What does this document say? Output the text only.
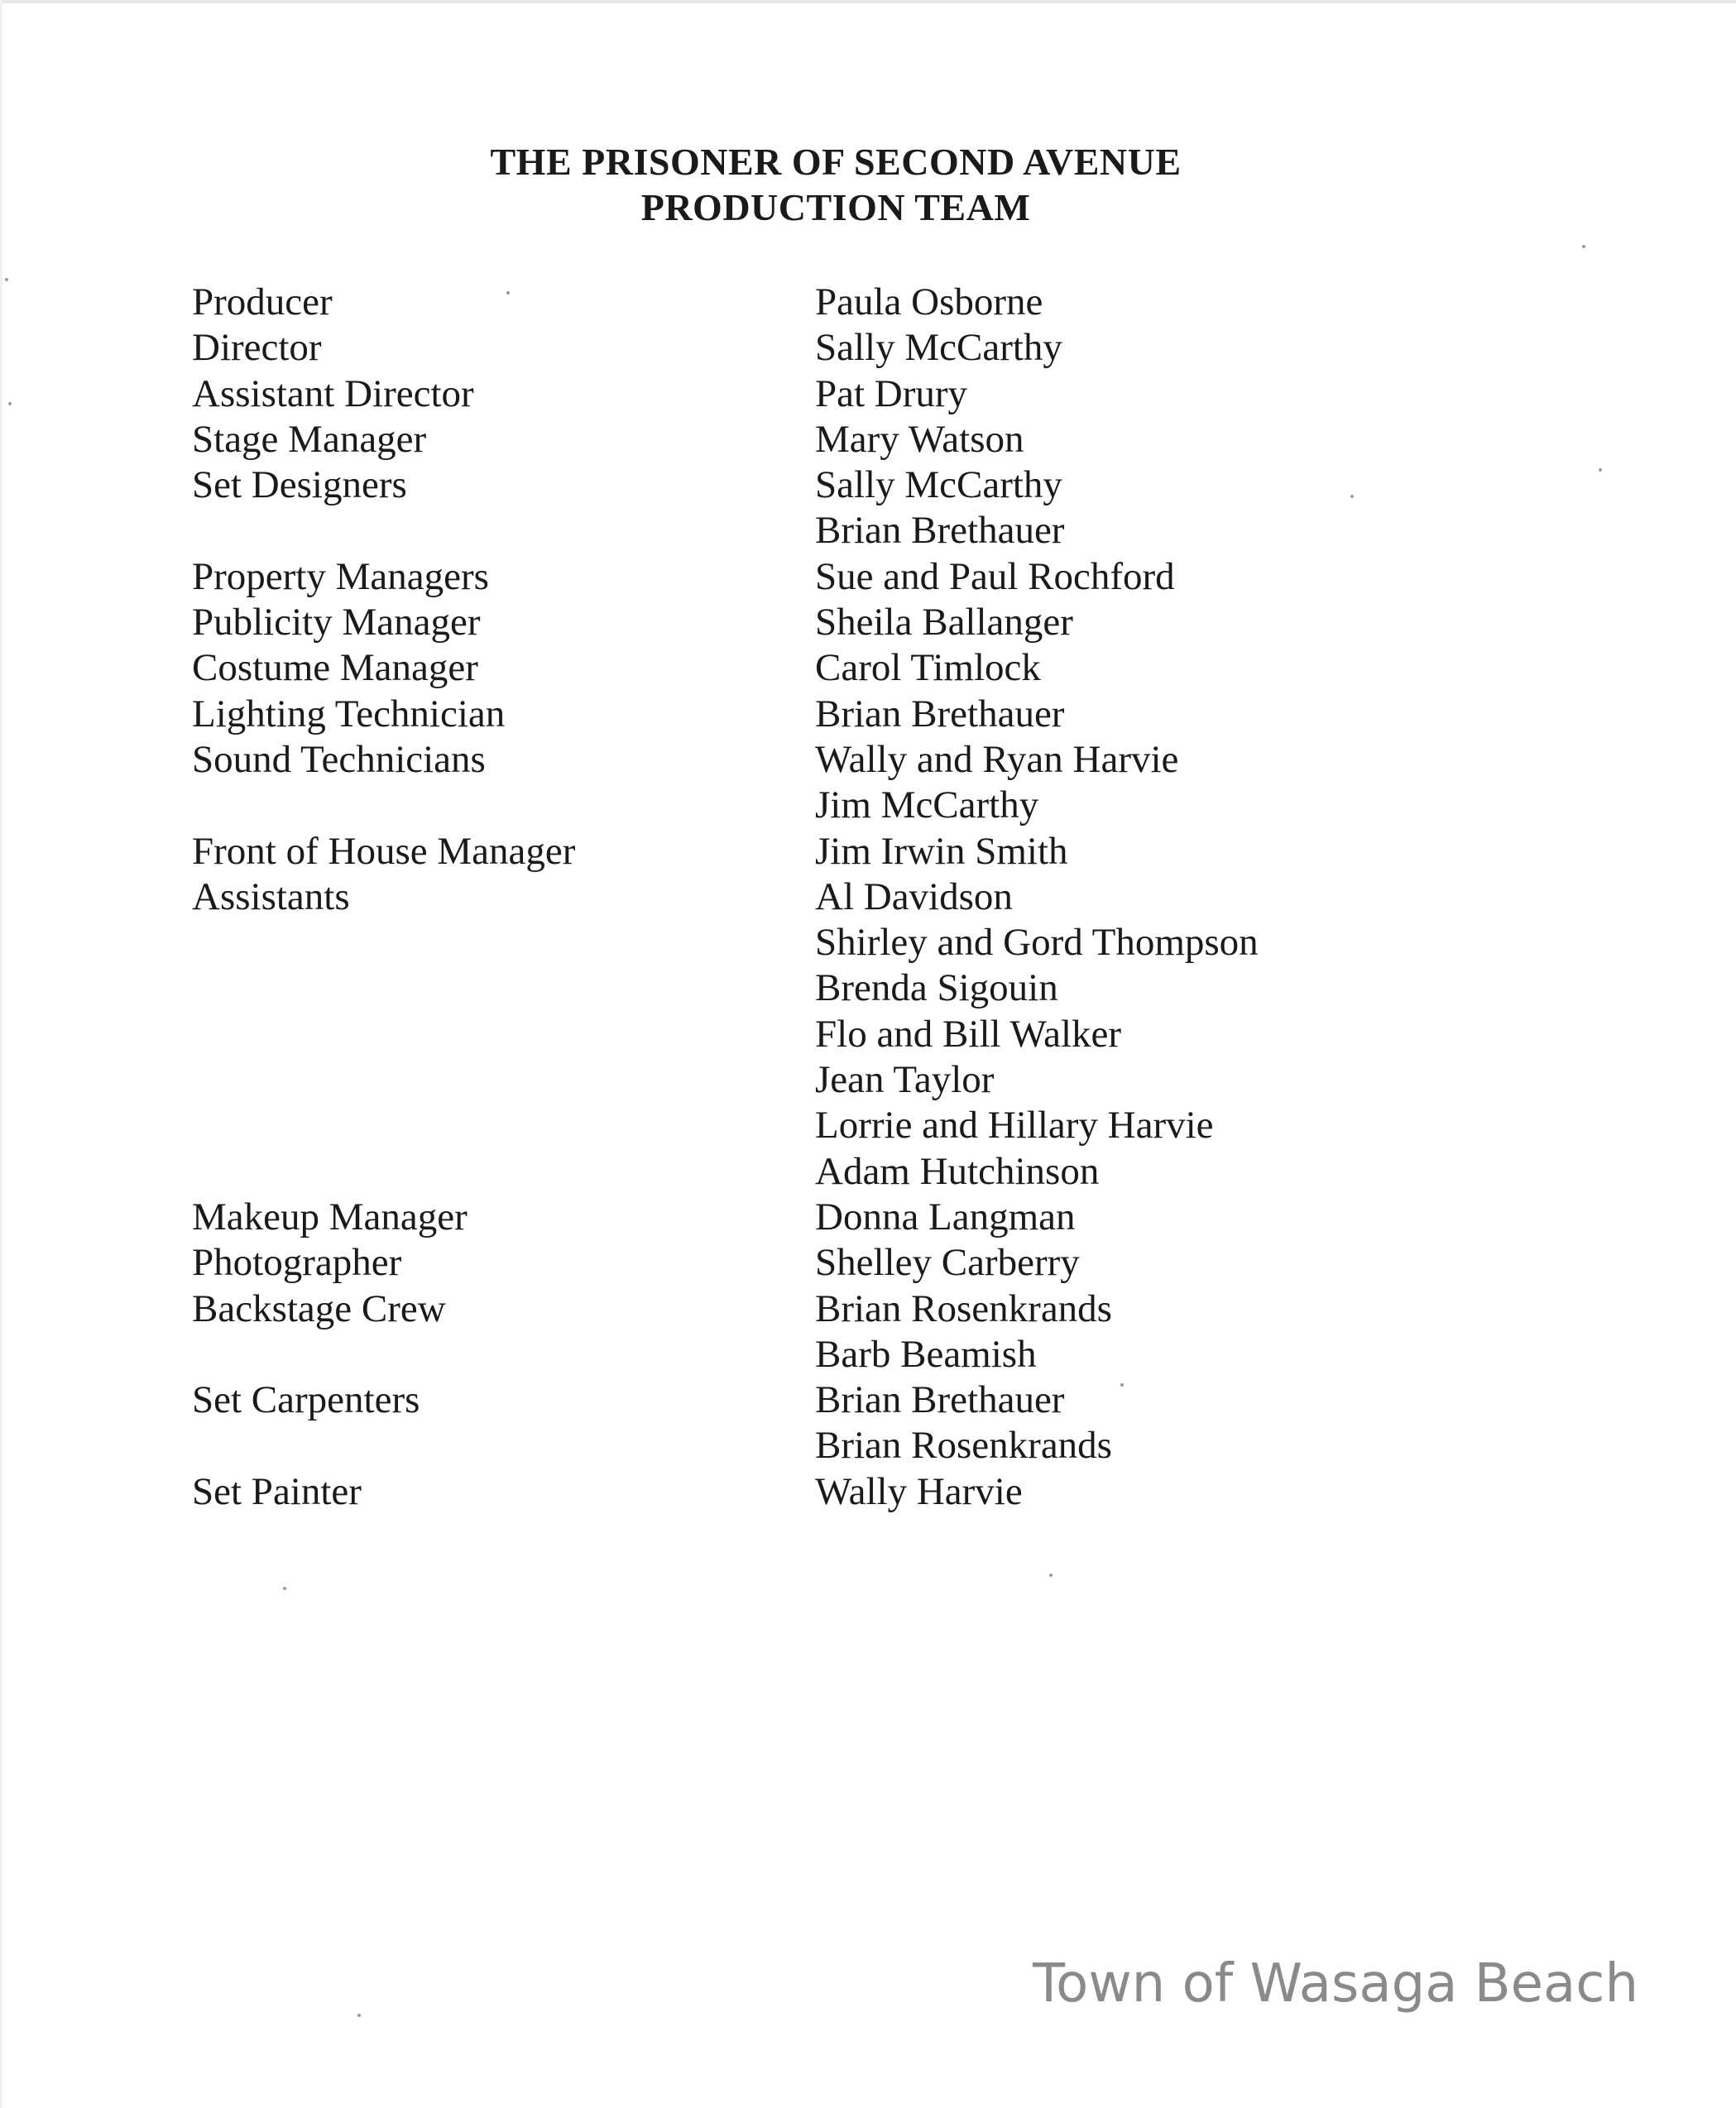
THE PRISONER OF SECOND AVENUE
PRODUCTION TEAM
Producer
Director
Assistant Director
Stage Manager
Set Designers
Property Managers
Publicity Manager
Costume Manager
Lighting Technician
Sound Technicians
Front of House Manager
Assistants
Makeup Manager
Photographer
Backstage Crew
Set Carpenters
Set Painter
Paula Osborne
Sally McCarthy
Pat Drury
Mary Watson
Sally McCarthy
Brian Brethauer
Sue and Paul Rochford
Sheila Ballanger
Carol Timlock
Brian Brethauer
Wally and Ryan Harvie
Jim McCarthy
Jim Irwin Smith
Al Davidson
Shirley and Gord Thompson
Brenda Sigouin
Flo and Bill Walker
Jean Taylor
Lorrie and Hillary Harvie
Adam Hutchinson
Donna Langman
Shelley Carberry
Brian Rosenkrands
Barb Beamish
Brian Brethauer
Brian Rosenkrands
Wally Harvie
Town of Wasaga Beach
